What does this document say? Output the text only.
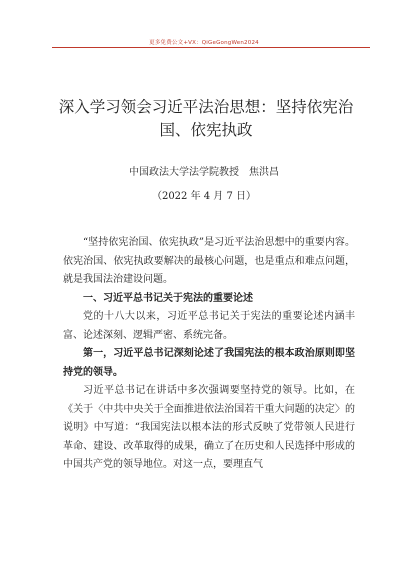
更多免费公文+VX：QiGeGongWen2024
深入学习领会习近平法治思想：坚持依宪治国、依宪执政
中国政法大学法学院教授　焦洪昌
（2022 年 4 月 7 日）

“坚持依宪治国、依宪执政”是习近平法治思想中的重要内容。依宪治国、依宪执政要解决的最核心问题，也是重点和难点问题，就是我国法治建设问题。

一、习近平总书记关于宪法的重要论述

党的十八大以来，习近平总书记关于宪法的重要论述内涵丰富、论述深刻、逻辑严密、系统完备。

第一，习近平总书记深刻论述了我国宪法的根本政治原则即坚持党的领导。

习近平总书记在讲话中多次强调要坚持党的领导。比如，在《关于〈中共中央关于全面推进依法治国若干重大问题的决定〉的说明》中写道：“我国宪法以根本法的形式反映了党带领人民进行革命、建设、改革取得的成果，确立了在历史和人民选择中形成的中国共产党的领导地位。对这一点，要理直气
